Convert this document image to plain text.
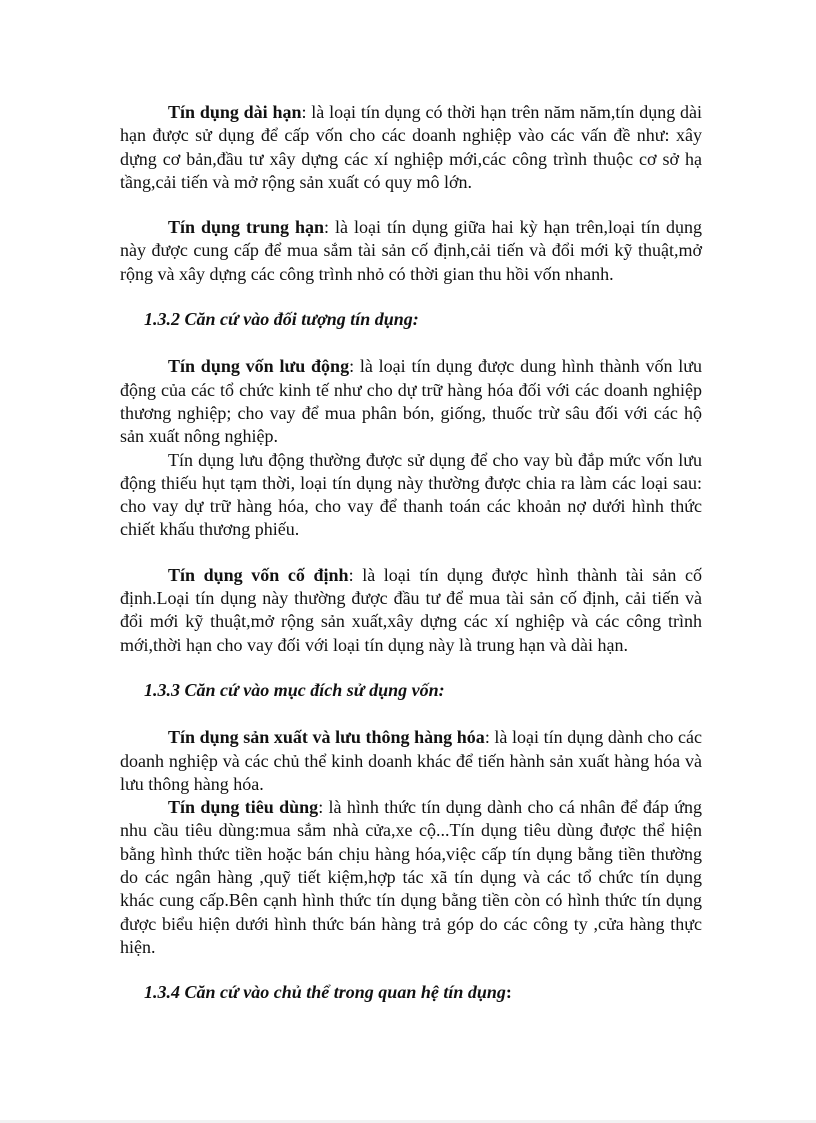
Tín dụng dài hạn: là loại tín dụng có thời hạn trên năm năm,tín dụng dài hạn được sử dụng để cấp vốn cho các doanh nghiệp vào các vấn đề như: xây dựng cơ bản,đầu tư xây dựng các xí nghiệp mới,các công trình thuộc cơ sở hạ tầng,cải tiến và mở rộng sản xuất có quy mô lớn.

Tín dụng trung hạn: là loại tín dụng giữa hai kỳ hạn trên,loại tín dụng này được cung cấp để mua sắm tài sản cố định,cải tiến và đổi mới kỹ thuật,mở rộng và xây dựng các công trình nhỏ có thời gian thu hồi vốn nhanh.

1.3.2 Căn cứ vào đối tượng tín dụng:

Tín dụng vốn lưu động: là loại tín dụng được dung hình thành vốn lưu động của các tổ chức kinh tế như cho dự trữ hàng hóa đối với các doanh nghiệp thương nghiệp; cho vay để mua phân bón, giống, thuốc trừ sâu đối với các hộ sản xuất nông nghiệp.

Tín dụng lưu động thường được sử dụng để cho vay bù đắp mức vốn lưu động thiếu hụt tạm thời, loại tín dụng này thường được chia ra làm các loại sau: cho vay dự trữ hàng hóa, cho vay để thanh toán các khoản nợ dưới hình thức chiết khấu thương phiếu.

Tín dụng vốn cố định: là loại tín dụng được hình thành tài sản cố định.Loại tín dụng này thường được đầu tư để mua tài sản cố định, cải tiến và đổi mới kỹ thuật,mở rộng sản xuất,xây dựng các xí nghiệp và các công trình mới,thời hạn cho vay đối với loại tín dụng này là trung hạn và dài hạn.

1.3.3 Căn cứ vào mục đích sử dụng vốn:

Tín dụng sản xuất và lưu thông hàng hóa: là loại tín dụng dành cho các doanh nghiệp và các chủ thể kinh doanh khác để tiến hành sản xuất hàng hóa và lưu thông hàng hóa.

Tín dụng tiêu dùng: là hình thức tín dụng dành cho cá nhân để đáp ứng nhu cầu tiêu dùng:mua sắm nhà cửa,xe cộ...Tín dụng tiêu dùng được thể hiện bằng hình thức tiền hoặc bán chịu hàng hóa,việc cấp tín dụng bằng tiền thường do các ngân hàng ,quỹ tiết kiệm,hợp tác xã tín dụng và các tổ chức tín dụng khác cung cấp.Bên cạnh hình thức tín dụng bằng tiền còn có hình thức tín dụng được biểu hiện dưới hình thức bán hàng trả góp do các công ty ,cửa hàng thực hiện.

1.3.4 Căn cứ vào chủ thể trong quan hệ tín dụng:
